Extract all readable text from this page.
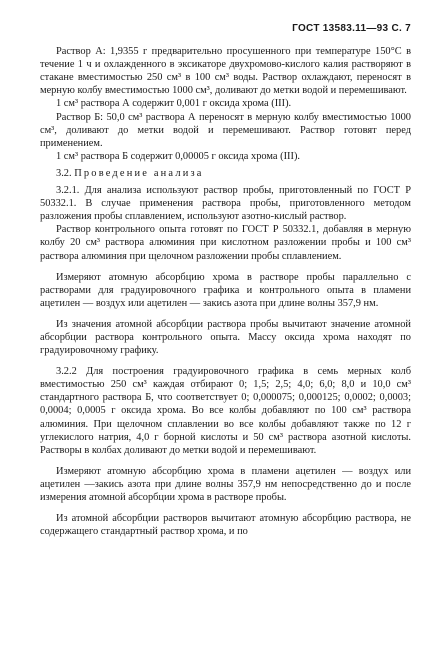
ГОСТ 13583.11—93 С. 7

Раствор А: 1,9355 г предварительно просушенного при температуре 150°С в течение 1 ч и охлажденного в эксикаторе двухромово-кислого калия растворяют в стакане вместимостью 250 см³ в 100 см³ воды. Раствор охлаждают, переносят в мерную колбу вместимостью 1000 см³, доливают до метки водой и перемешивают.

1 см³ раствора А содержит 0,001 г оксида хрома (III).

Раствор Б: 50,0 см³ раствора А переносят в мерную колбу вместимостью 1000 см³, доливают до метки водой и перемешивают. Раствор готовят перед применением.

1 см³ раствора Б содержит 0,00005 г оксида хрома (III).

3.2. Проведение анализа

3.2.1. Для анализа используют раствор пробы, приготовленный по ГОСТ Р 50332.1. В случае применения раствора пробы, приготовленного методом разложения пробы сплавлением, используют азотно-кислый раствор.

Раствор контрольного опыта готовят по ГОСТ Р 50332.1, добавляя в мерную колбу 20 см³ раствора алюминия при кислотном разложении пробы и 100 см³ раствора алюминия при щелочном разложении пробы сплавлением.

Измеряют атомную абсорбцию хрома в растворе пробы параллельно с растворами для градуировочного графика и контрольного опыта в пламени ацетилен — воздух или ацетилен — закись азота при длине волны 357,9 нм.

Из значения атомной абсорбции раствора пробы вычитают значение атомной абсорбции раствора контрольного опыта. Массу оксида хрома находят по градуировочному графику.

3.2.2 Для построения градуировочного графика в семь мерных колб вместимостью 250 см³ каждая отбирают 0; 1,5; 2,5; 4,0; 6,0; 8,0 и 10,0 см³ стандартного раствора Б, что соответствует 0; 0,000075; 0,000125; 0,0002; 0,0003; 0,0004; 0,0005 г оксида хрома. Во все колбы добавляют по 100 см³ раствора алюминия. При щелочном сплавлении во все колбы добавляют также по 12 г углекислого натрия, 4,0 г борной кислоты и 50 см³ раствора азотной кислоты. Растворы в колбах доливают до метки водой и перемешивают.

Измеряют атомную абсорбцию хрома в пламени ацетилен — воздух или ацетилен —закись азота при длине волны 357,9 нм непосредственно до и после измерения атомной абсорбции хрома в растворе пробы.

Из атомной абсорбции растворов вычитают атомную абсорбцию раствора, не содержащего стандартный раствор хрома, и по
